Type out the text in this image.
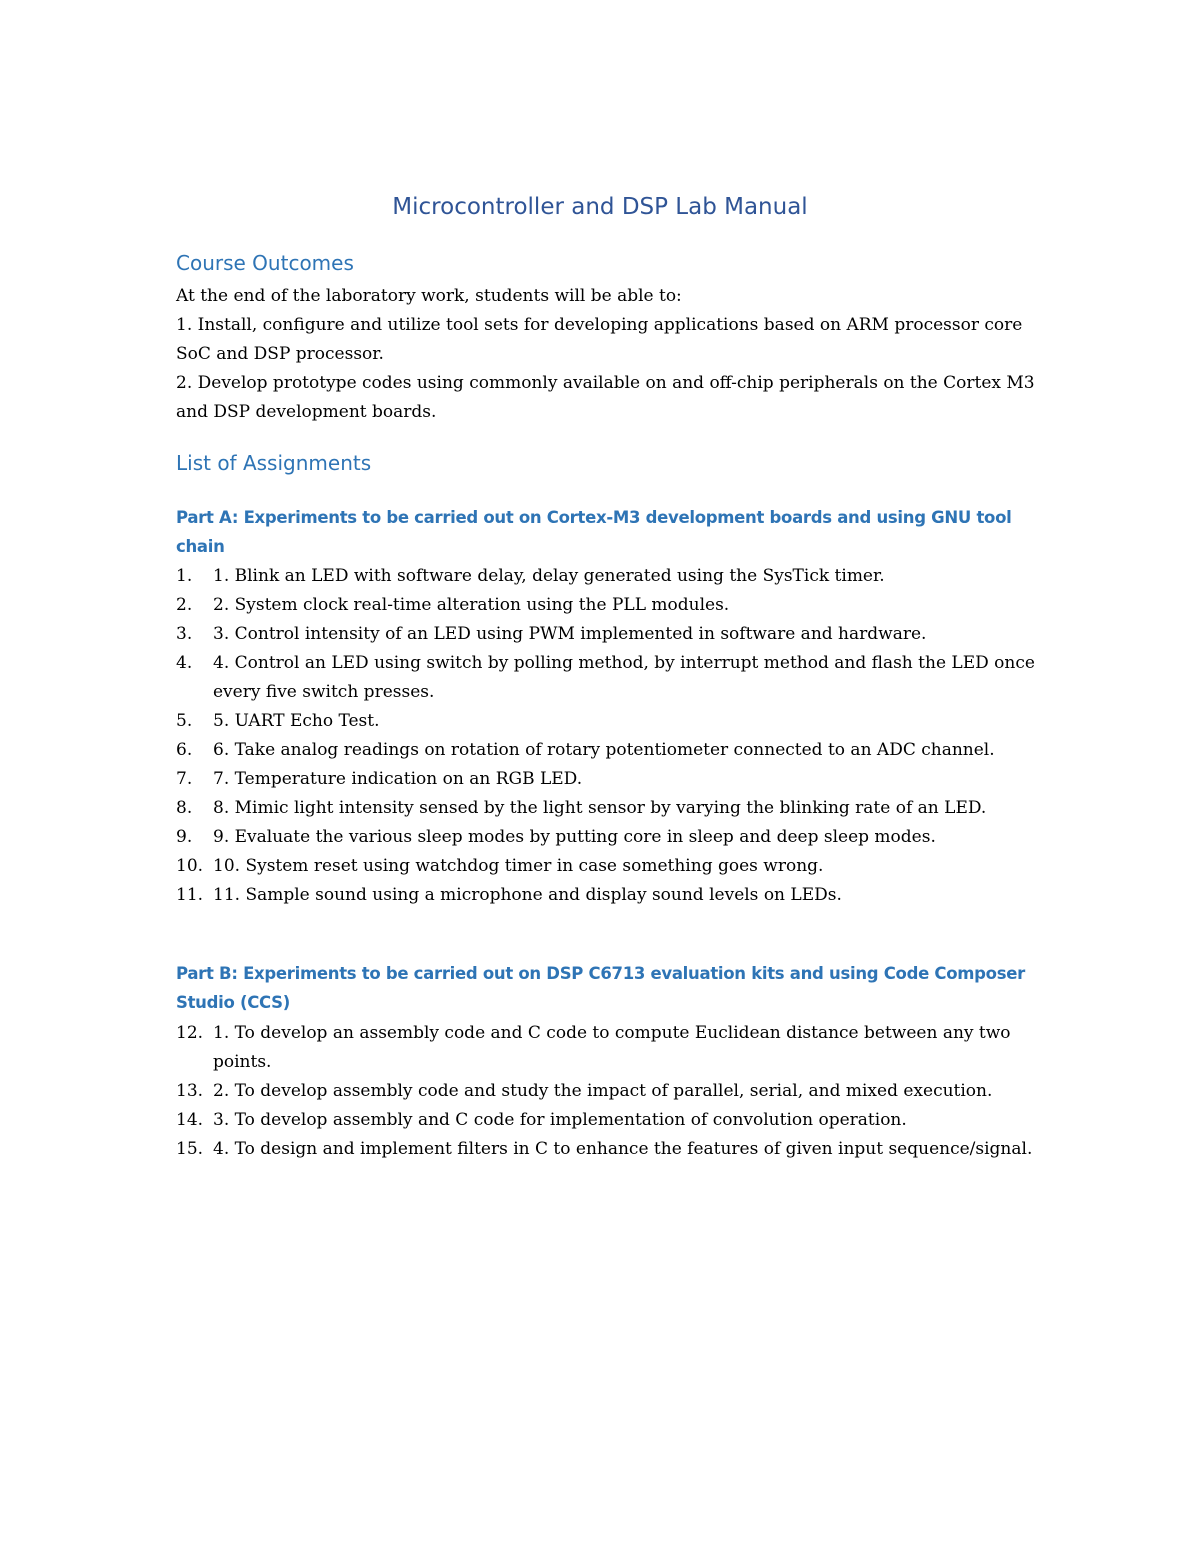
Microcontroller and DSP Lab Manual
Course Outcomes

At the end of the laboratory work, students will be able to:

1. Install, configure and utilize tool sets for developing applications based on ARM processor core SoC and DSP processor.

2. Develop prototype codes using commonly available on and off-chip peripherals on the Cortex M3 and DSP development boards.

List of Assignments
Part A: Experiments to be carried out on Cortex-M3 development boards and using GNU tool chain
1.	1. Blink an LED with software delay, delay generated using the SysTick timer.
2.	2. System clock real-time alteration using the PLL modules.
3.	3. Control intensity of an LED using PWM implemented in software and hardware.
4.	4. Control an LED using switch by polling method, by interrupt method and flash the LED once every five switch presses.
5.	5. UART Echo Test.
6.	6. Take analog readings on rotation of rotary potentiometer connected to an ADC channel.
7.	7. Temperature indication on an RGB LED.
8.	8. Mimic light intensity sensed by the light sensor by varying the blinking rate of an LED.
9.	9. Evaluate the various sleep modes by putting core in sleep and deep sleep modes.
10. 10. System reset using watchdog timer in case something goes wrong.
11. 11. Sample sound using a microphone and display sound levels on LEDs.
Part B: Experiments to be carried out on DSP C6713 evaluation kits and using Code Composer Studio (CCS)
12. 1. To develop an assembly code and C code to compute Euclidean distance between any two points.
13. 2. To develop assembly code and study the impact of parallel, serial, and mixed execution.
14. 3. To develop assembly and C code for implementation of convolution operation.
15. 4. To design and implement filters in C to enhance the features of given input sequence/signal.
